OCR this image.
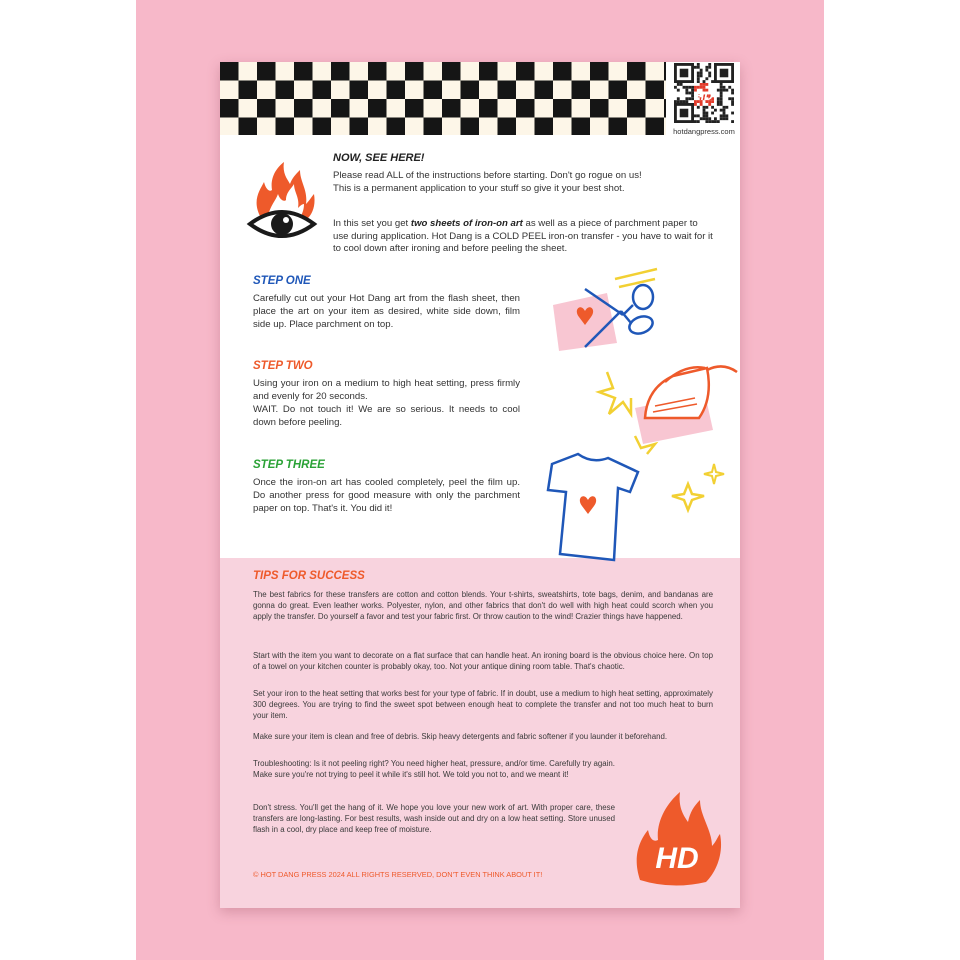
HD
hotdangpress.com
NOW, SEE HERE!
Please read ALL of the instructions before starting. Don't go rogue on us!
This is a permanent application to your stuff so give it your best shot.
In this set you get two sheets of iron-on art as well as a piece of parchment paper to use during application. Hot Dang is a COLD PEEL iron-on transfer - you have to wait for it to cool down after ironing and before peeling the sheet.
STEP ONE
Carefully cut out your Hot Dang art from the flash sheet, then place the art on your item as desired, white side down, film side up. Place parchment on top.
STEP TWO
Using your iron on a medium to high heat setting, press firmly and evenly for 20 seconds.
WAIT. Do not touch it! We are so serious. It needs to cool down before peeling.
STEP THREE
Once the iron-on art has cooled completely, peel the film up. Do another press for good measure with only the parchment paper on top. That's it. You did it!
TIPS FOR SUCCESS
The best fabrics for these transfers are cotton and cotton blends. Your t-shirts, sweatshirts, tote bags, denim, and bandanas are gonna do great. Even leather works. Polyester, nylon, and other fabrics that don't do well with high heat could scorch when you apply the transfer. Do yourself a favor and test your fabric first. Or throw caution to the wind! Crazier things have happened.
Start with the item you want to decorate on a flat surface that can handle heat. An ironing board is the obvious choice here. On top of a towel on your kitchen counter is probably okay, too. Not your antique dining room table. That's chaotic.
Set your iron to the heat setting that works best for your type of fabric. If in doubt, use a medium to high heat setting, approximately 300 degrees. You are trying to find the sweet spot between enough heat to complete the transfer and not too much heat to burn your item.
Make sure your item is clean and free of debris. Skip heavy detergents and fabric softener if you launder it beforehand.
Troubleshooting: Is it not peeling right? You need higher heat, pressure, and/or time. Carefully try again. Make sure you're not trying to peel it while it's still hot. We told you not to, and we meant it!
Don't stress. You'll get the hang of it. We hope you love your new work of art. With proper care, these transfers are long-lasting. For best results, wash inside out and dry on a low heat setting. Store unused flash in a cool, dry place and keep free of moisture.
© HOT DANG PRESS 2024 ALL RIGHTS RESERVED, DON'T EVEN THINK ABOUT IT!	HD
